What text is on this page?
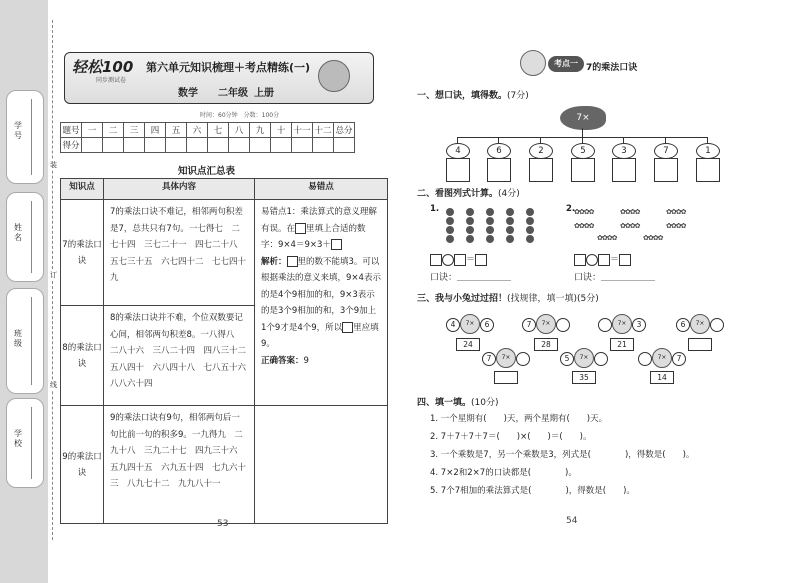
学号
姓名
班级
学校
装
订
线
轻松100
同步测试卷
第六单元知识梳理＋考点精练(一)
数学 二年级 上册
时间：60分钟　分数：100分
题号	一	二	三	四	五	六	七	八	九	十	十一	十二	总分
得分													
知识点汇总表
知识点	具体内容	易错点
7的乘法口诀	7的乘法口诀不难记，相邻两句积差是7，总共只有7句。一七得七　二七十四　三七二十一　四七二十八　五七三十五　六七四十二　七七四十九	易错点1：乘法算式的意义理解有误。在 里填上合适的数字：9×4＝9×3＋
解析： 里的数不能填3。可以根据乘法的意义来填，9×4表示的是4个9相加的和，9×3表示的是3个9相加的和，3个9加上1个9才是4个9，所以 里应填9。
正确答案：9
8的乘法口诀	8的乘法口诀并不难，个位双数要记心间，相邻两句积差8。一八得八　二八十六　三八二十四　四八三十二　五八四十　六八四十八　七八五十六　八八六十四	
9的乘法口诀	9的乘法口诀有9句，相邻两句后一句比前一句的积多9。一九得九　二九十八　三九二十七　四九三十六　五九四十五　六九五十四　七九六十三　八九七十二　九九八十一	
53
考点一 7的乘法口诀
一、想口诀，填得数。(7分)
7×
4	6	2	5	3	7	1
二、看图列式计算。(4分)
1.	2.
✿✿✿✿	✿✿✿✿	✿✿✿✿
✿✿✿✿	✿✿✿✿	✿✿✿✿
✿✿✿✿	✿✿✿✿
＝	＝
口诀：＿＿＿＿＿＿	口诀：＿＿＿＿＿＿
三、我与小兔过过招！(找规律，填一填)(5分)
4	7×	6
24
7	7×
28
7×	3
21
6	7×
7	7×	5	7×
35
7×	7
14
四、填一填。(10分)
1. 一个星期有(　　)天，两个星期有(　　)天。
2. 7＋7＋7＋7＝(　　)×(　　)＝(　　)。
3. 一个乘数是7，另一个乘数是3，列式是(　　　　)，得数是(　　)。
4. 7×2和2×7的口诀都是(　　　　)。
5. 7个7相加的乘法算式是(　　　　)，得数是(　　)。
54
